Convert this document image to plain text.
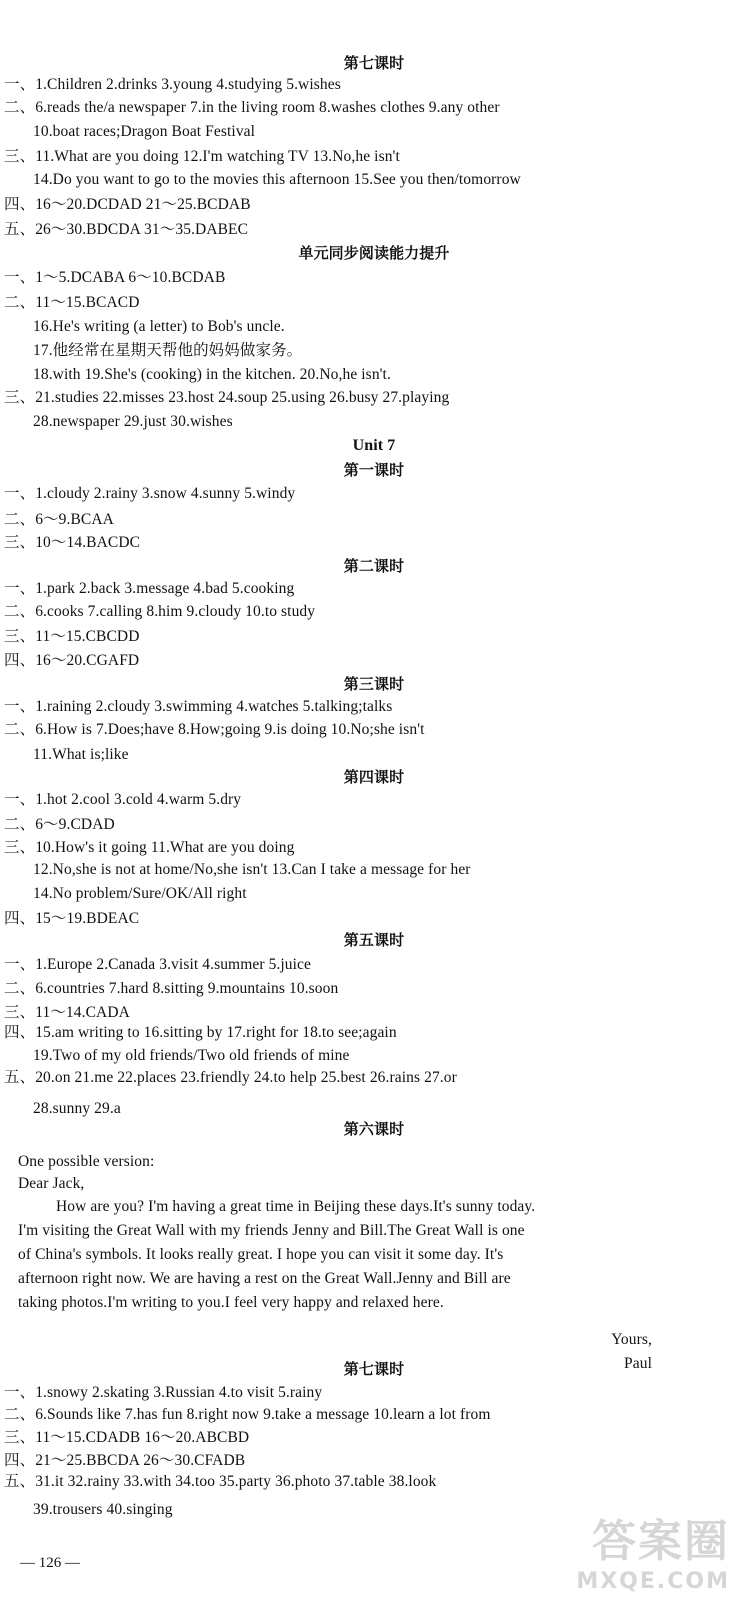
第七课时
一、1.Children 2.drinks 3.young 4.studying 5.wishes
二、6.reads the/a newspaper 7.in the living room 8.washes clothes 9.any other
10.boat races;Dragon Boat Festival
三、11.What are you doing 12.I'm watching TV 13.No,he isn't
14.Do you want to go to the movies this afternoon 15.See you then/tomorrow
四、16～20.DCDAD 21～25.BCDAB
五、26～30.BDCDA 31～35.DABEC
单元同步阅读能力提升
一、1～5.DCABA 6～10.BCDAB
二、11～15.BCACD
16.He's writing (a letter) to Bob's uncle.
17.他经常在星期天帮他的妈妈做家务。
18.with 19.She's (cooking) in the kitchen. 20.No,he isn't.
三、21.studies 22.misses 23.host 24.soup 25.using 26.busy 27.playing
28.newspaper 29.just 30.wishes
Unit 7
第一课时
一、1.cloudy 2.rainy 3.snow 4.sunny 5.windy
二、6～9.BCAA
三、10～14.BACDC
第二课时
一、1.park 2.back 3.message 4.bad 5.cooking
二、6.cooks 7.calling 8.him 9.cloudy 10.to study
三、11～15.CBCDD
四、16～20.CGAFD
第三课时
一、1.raining 2.cloudy 3.swimming 4.watches 5.talking;talks
二、6.How is 7.Does;have 8.How;going 9.is doing 10.No;she isn't
11.What is;like
第四课时
一、1.hot 2.cool 3.cold 4.warm 5.dry
二、6～9.CDAD
三、10.How's it going 11.What are you doing
12.No,she is not at home/No,she isn't 13.Can I take a message for her
14.No problem/Sure/OK/All right
四、15～19.BDEAC
第五课时
一、1.Europe 2.Canada 3.visit 4.summer 5.juice
二、6.countries 7.hard 8.sitting 9.mountains 10.soon
三、11～14.CADA
四、15.am writing to 16.sitting by 17.right for 18.to see;again
19.Two of my old friends/Two old friends of mine
五、20.on 21.me 22.places 23.friendly 24.to help 25.best 26.rains 27.or
28.sunny 29.a
第六课时
One possible version:
Dear Jack,
How are you? I'm having a great time in Beijing these days.It's sunny today.
I'm visiting the Great Wall with my friends Jenny and Bill.The Great Wall is one
of China's symbols. It looks really great. I hope you can visit it some day. It's
afternoon right now. We are having a rest on the Great Wall.Jenny and Bill are
taking photos.I'm writing to you.I feel very happy and relaxed here.
第七课时
一、1.snowy 2.skating 3.Russian 4.to visit 5.rainy
二、6.Sounds like 7.has fun 8.right now 9.take a message 10.learn a lot from
三、11～15.CDADB 16～20.ABCBD
四、21～25.BBCDA 26～30.CFADB
五、31.it 32.rainy 33.with 34.too 35.party 36.photo 37.table 38.look
39.trousers 40.singing
Yours,
Paul
— 126 —	答案圈
MXQE.COM
